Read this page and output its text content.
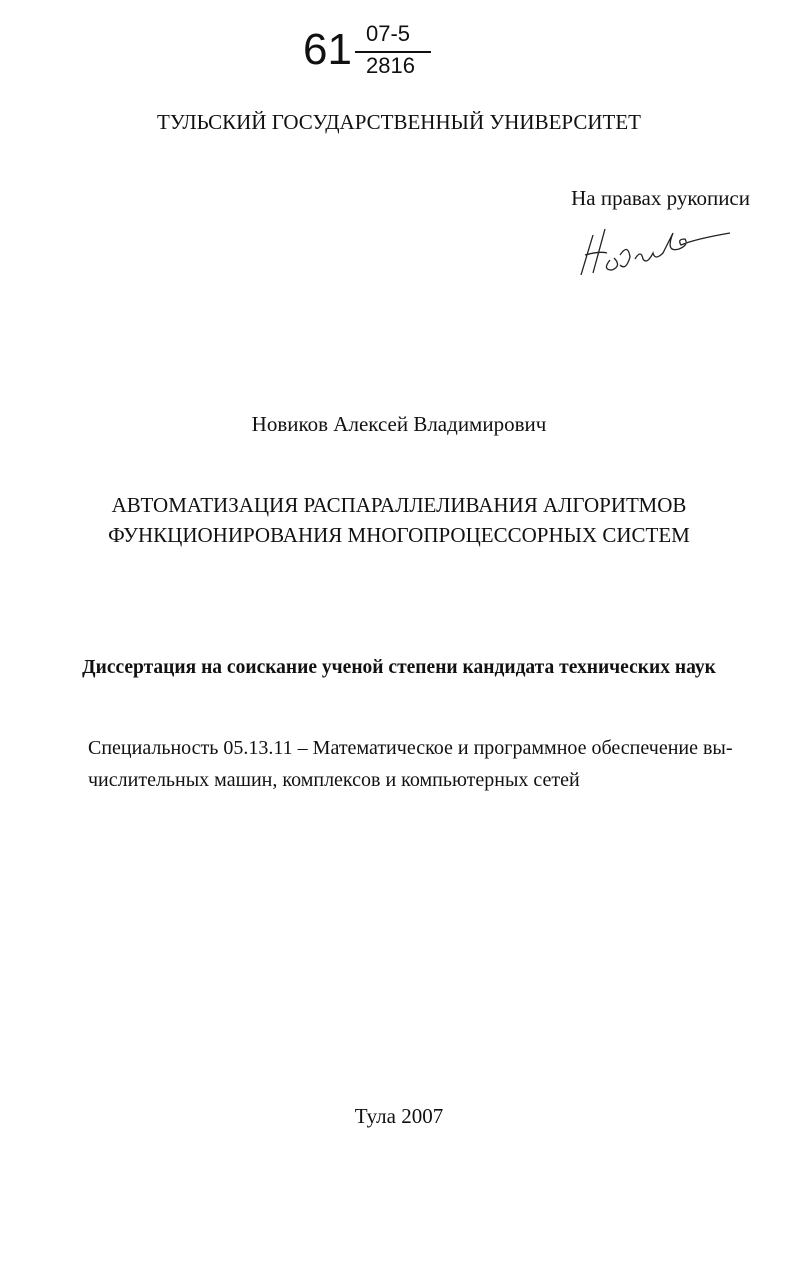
61 07-5
2816
ТУЛЬСКИЙ ГОСУДАРСТВЕННЫЙ УНИВЕРСИТЕТ
На правах рукописи
Новиков Алексей Владимирович
АВТОМАТИЗАЦИЯ РАСПАРАЛЛЕЛИВАНИЯ АЛГОРИТМОВ
ФУНКЦИОНИРОВАНИЯ МНОГОПРОЦЕССОРНЫХ СИСТЕМ
Диссертация на соискание ученой степени кандидата технических наук
Специальность 05.13.11 – Математическое и программное обеспечение вы-
числительных машин, комплексов и компьютерных сетей
Тула 2007
